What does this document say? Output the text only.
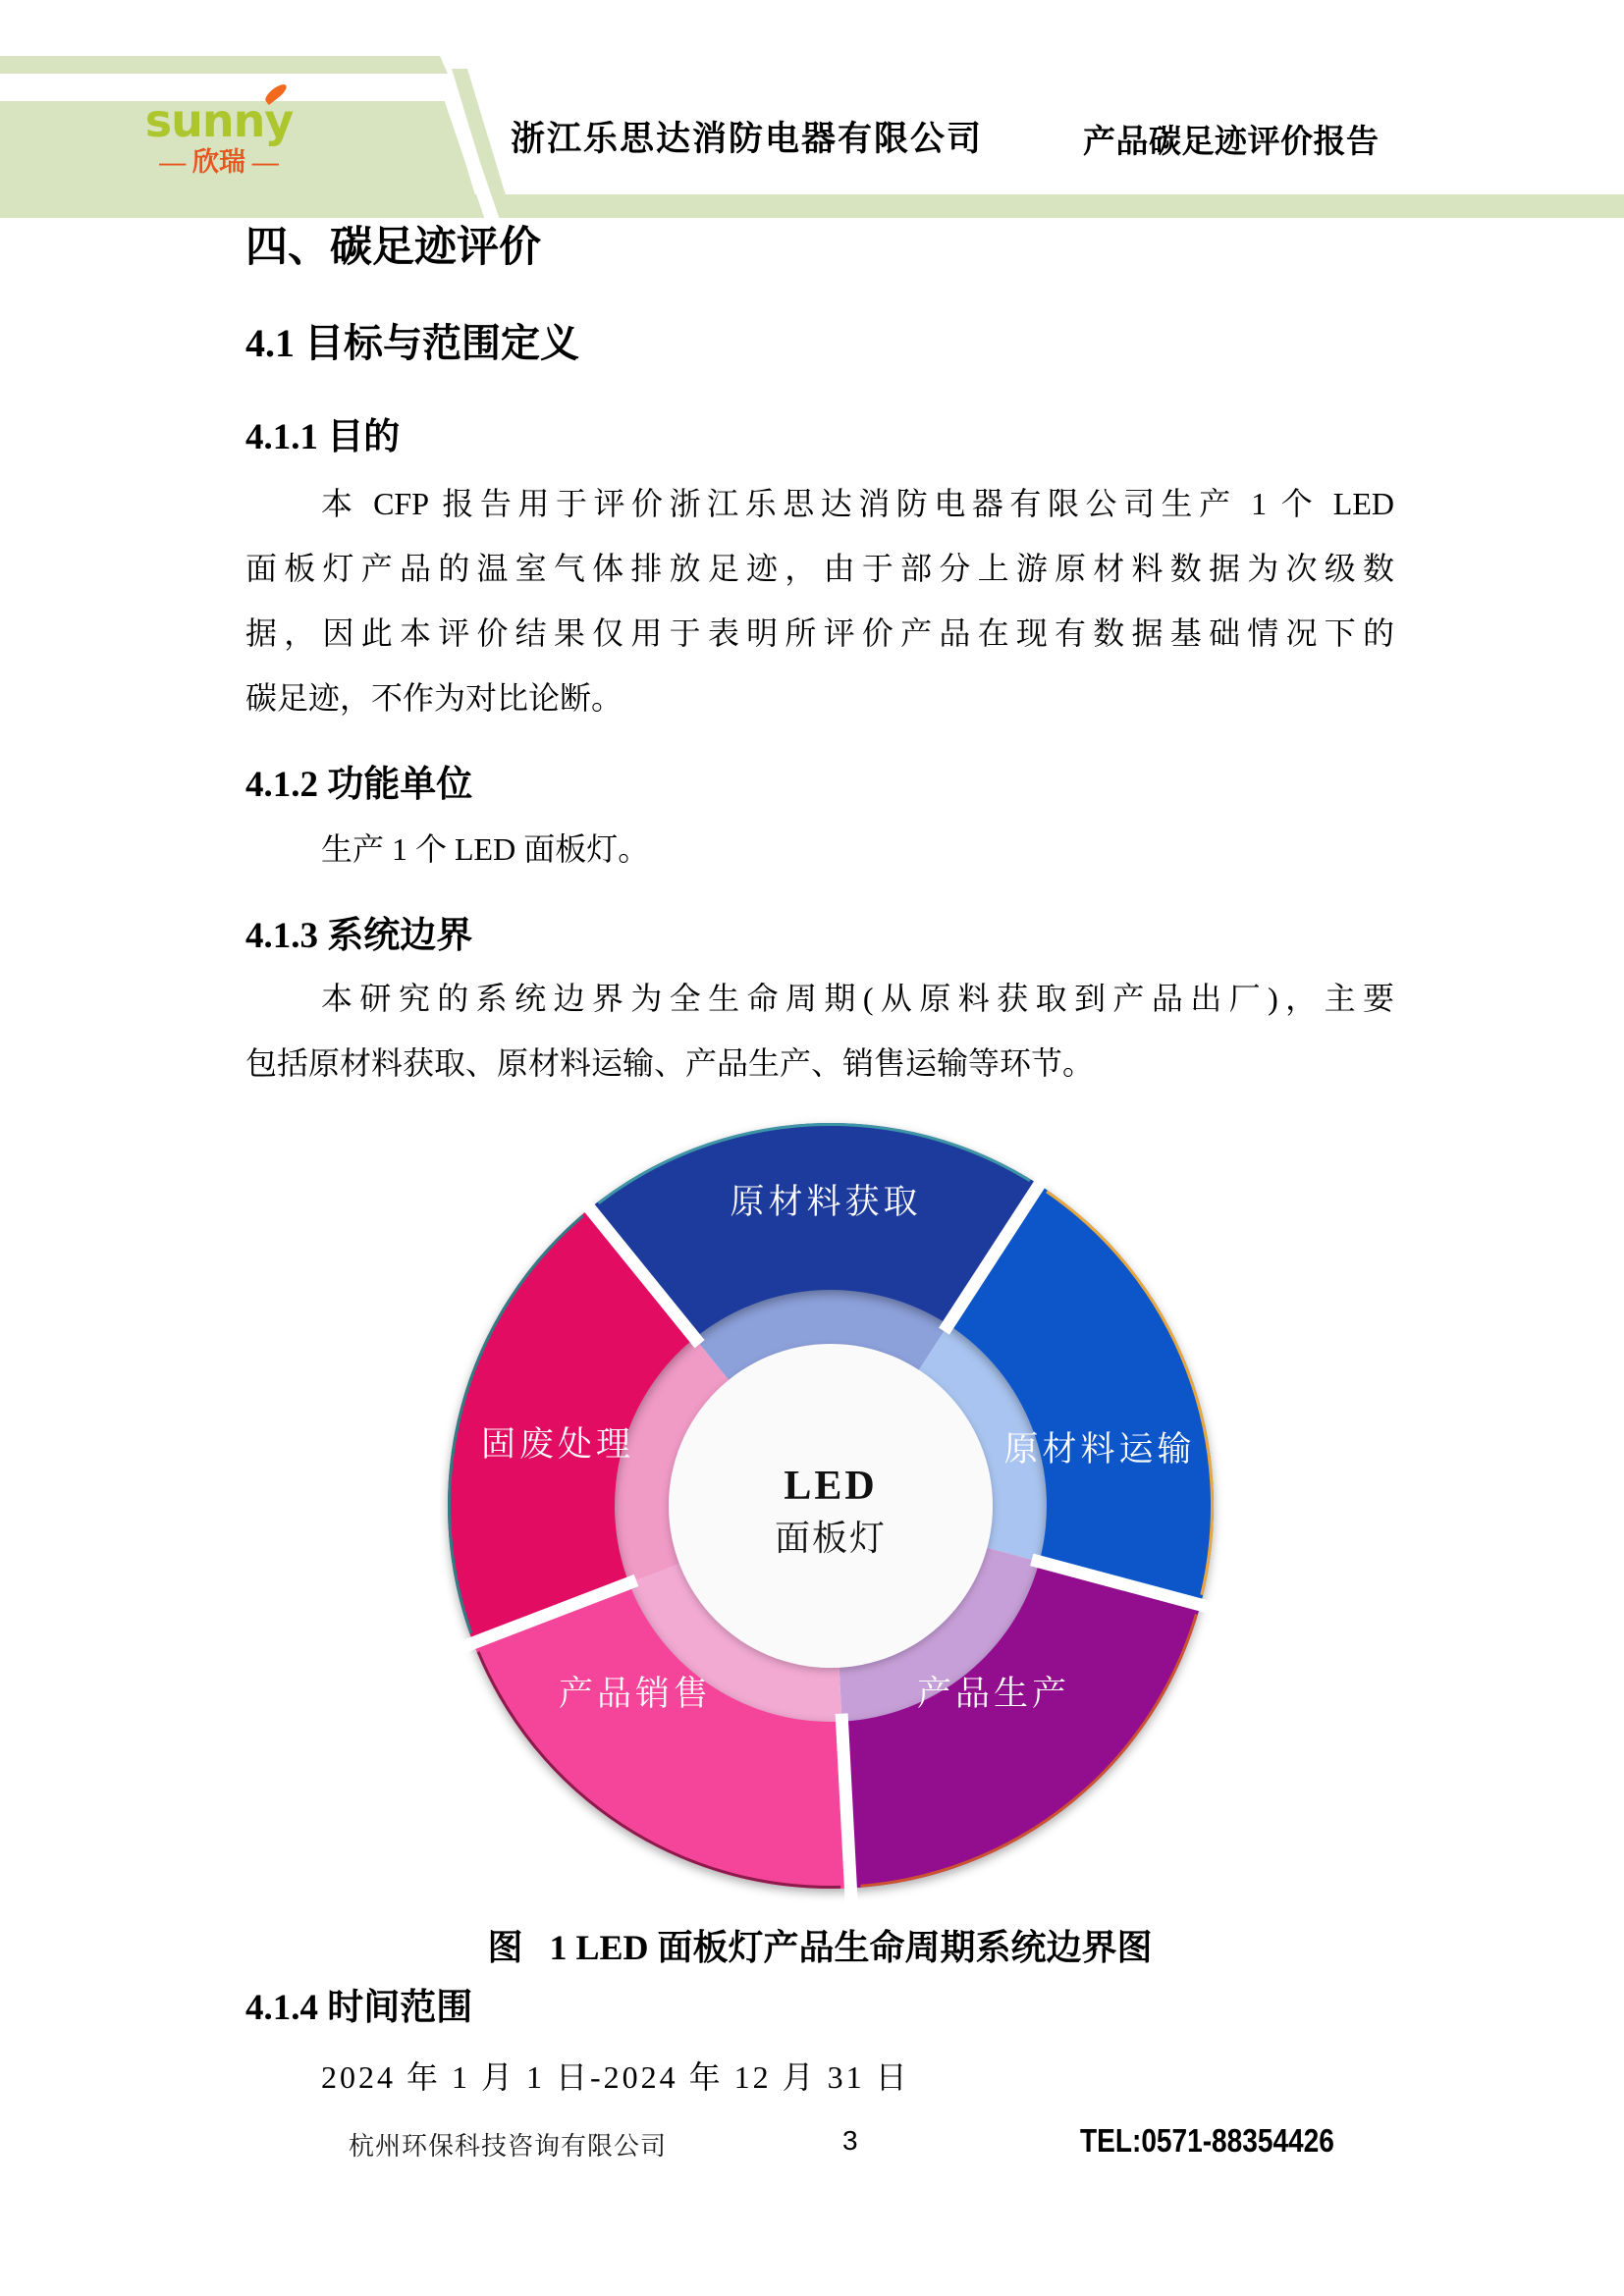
sunny
— 欣瑞 —
浙江乐思达消防电器有限公司	产品碳足迹评价报告
四、碳足迹评价
4.1 目标与范围定义
4.1.1 目的
本 CFP 报告用于评价浙江乐思达消防电器有限公司生产 1 个 LED
面板灯产品的温室气体排放足迹，由于部分上游原材料数据为次级数
据，因此本评价结果仅用于表明所评价产品在现有数据基础情况下的
碳足迹，不作为对比论断。
4.1.2 功能单位
生产 1 个 LED 面板灯。
4.1.3 系统边界
本研究的系统边界为全生命周期(从原料获取到产品出厂)，主要
包括原材料获取、原材料运输、产品生产、销售运输等环节。
LED
面板灯
原材料获取
原材料运输
产品生产
产品销售
固废处理
图   1 LED 面板灯产品生命周期系统边界图
4.1.4 时间范围
2024 年 1 月 1 日-2024 年 12 月 31 日
杭州环保科技咨询有限公司	3	TEL:0571-88354426
